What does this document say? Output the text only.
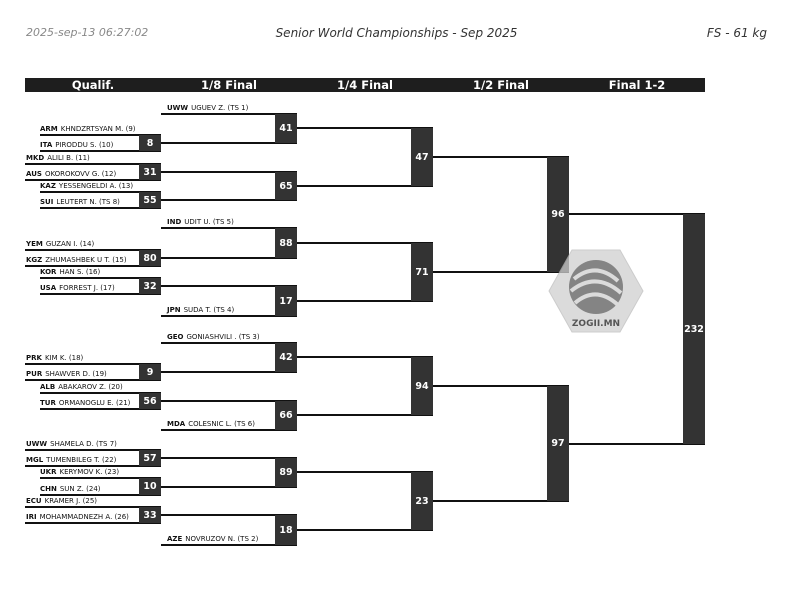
2025-sep-13 06:27:02	Senior World Championships - Sep 2025	FS - 61 kg
Qualif.	1/8 Final	1/4 Final	1/2 Final	Final 1-2
UWW UGUEV Z. (TS 1)
ARM KHNDZRTSYAN M. (9)
ITA PIRODDU S. (10)
MKD ALILI B. (11)
AUS OKOROKOVV G. (12)
KAZ YESSENGELDI A. (13)
SUI LEUTERT N. (TS 8)
IND UDIT U. (TS 5)
YEM GUZAN I. (14)
KGZ ZHUMASHBEK U T. (15)
KOR HAN S. (16)
USA FORREST J. (17)
JPN SUDA T. (TS 4)
GEO GONIASHVILI . (TS 3)
PRK KIM K. (18)
PUR SHAWVER D. (19)
ALB ABAKAROV Z. (20)
TUR ORMANOGLU E. (21)
MDA COLESNIC L. (TS 6)
UWW SHAMELA D. (TS 7)
MGL TUMENBILEG T. (22)
UKR KERYMOV K. (23)
CHN SUN Z. (24)
ECU KRAMER J. (25)
IRI MOHAMMADNEZH A. (26)
AZE NOVRUZOV N. (TS 2)
8
31
55
80
32
9
56
57
10
33
41
65
88
17
42
66
89
18
47
71
94
23
96
97
232
ZOGII.MN
